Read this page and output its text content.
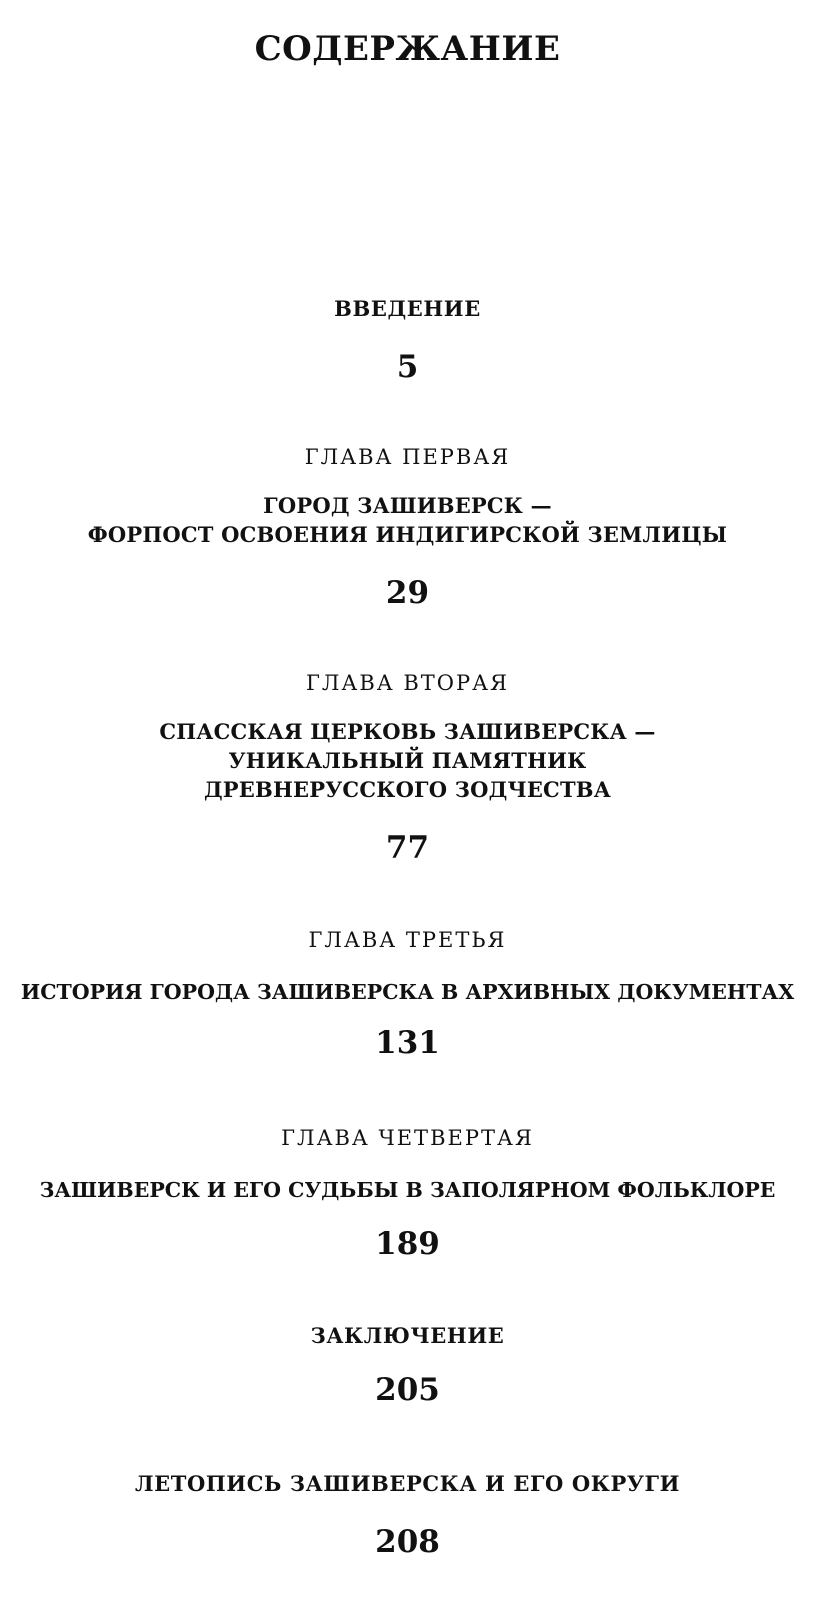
СОДЕРЖАНИЕ
ВВЕДЕНИЕ
5
ГЛАВА ПЕРВАЯ
ГОРОД ЗАШИВЕРСК —
ФОРПОСТ ОСВОЕНИЯ ИНДИГИРСКОЙ ЗЕМЛИЦЫ
29
ГЛАВА ВТОРАЯ
СПАССКАЯ ЦЕРКОВЬ ЗАШИВЕРСКА —
УНИКАЛЬНЫЙ ПАМЯТНИК
ДРЕВНЕРУССКОГО ЗОДЧЕСТВА
77
ГЛАВА ТРЕТЬЯ
ИСТОРИЯ ГОРОДА ЗАШИВЕРСКА В АРХИВНЫХ ДОКУМЕНТАХ
131
ГЛАВА ЧЕТВЕРТАЯ
ЗАШИВЕРСК И ЕГО СУДЬБЫ В ЗАПОЛЯРНОМ ФОЛЬКЛОРЕ
189
ЗАКЛЮЧЕНИЕ
205
ЛЕТОПИСЬ ЗАШИВЕРСКА И ЕГО ОКРУГИ
208
